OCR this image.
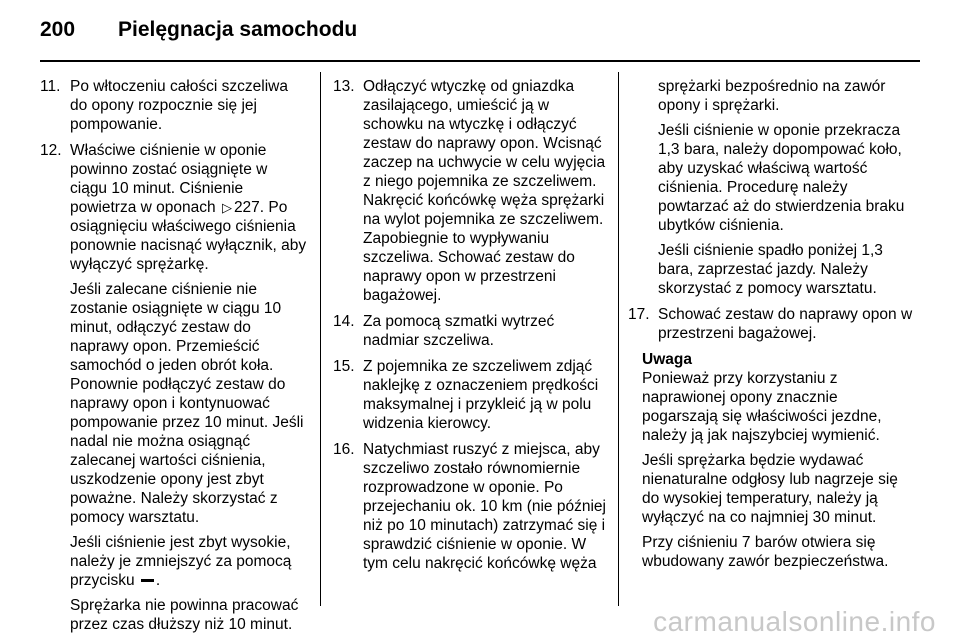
200	Pielęgnacja samochodu
11. Po włtoczeniu całości szczeliwa do opony rozpocznie się jej pompowanie.
12. Właściwe ciśnienie w oponie powinno zostać osiągnięte w ciągu 10 minut. Ciśnienie powietrza w oponach ▷ 227. Po osiągnięciu właściwego ciśnienia ponownie nacisnąć wyłącznik, aby wyłączyć sprężarkę.
Jeśli zalecane ciśnienie nie zostanie osiągnięte w ciągu 10 minut, odłączyć zestaw do naprawy opon. Przemieścić samochód o jeden obrót koła. Ponownie podłączyć zestaw do naprawy opon i kontynuować pompowanie przez 10 minut. Jeśli nadal nie można osiągnąć zalecanej wartości ciśnienia, uszkodzenie opony jest zbyt poważne. Należy skorzystać z pomocy warsztatu.
Jeśli ciśnienie jest zbyt wysokie, należy je zmniejszyć za pomocą przycisku .
Sprężarka nie powinna pracować przez czas dłuższy niż 10 minut.
13. Odłączyć wtyczkę od gniazdka zasilającego, umieścić ją w schowku na wtyczkę i odłączyć zestaw do naprawy opon. Wcisnąć zaczep na uchwycie w celu wyjęcia z niego pojemnika ze szczeliwem. Nakręcić końcówkę węża sprężarki na wylot pojemnika ze szczeliwem. Zapobiegnie to wypływaniu szczeliwa. Schować zestaw do naprawy opon w przestrzeni bagażowej.
14. Za pomocą szmatki wytrzeć nadmiar szczeliwa.
15. Z pojemnika ze szczeliwem zdjąć naklejkę z oznaczeniem prędkości maksymalnej i przykleić ją w polu widzenia kierowcy.
16. Natychmiast ruszyć z miejsca, aby szczeliwo zostało równomiernie rozprowadzone w oponie. Po przejechaniu ok. 10 km (nie później niż po 10 minutach) zatrzymać się i sprawdzić ciśnienie w oponie. W tym celu nakręcić końcówkę węża
sprężarki bezpośrednio na zawór opony i sprężarki.
Jeśli ciśnienie w oponie przekracza 1,3 bara, należy dopompować koło, aby uzyskać właściwą wartość ciśnienia. Procedurę należy powtarzać aż do stwierdzenia braku ubytków ciśnienia.
Jeśli ciśnienie spadło poniżej 1,3 bara, zaprzestać jazdy. Należy skorzystać z pomocy warsztatu.
17. Schować zestaw do naprawy opon w przestrzeni bagażowej.
Uwaga
Ponieważ przy korzystaniu z naprawionej opony znacznie pogarszają się właściwości jezdne, należy ją jak najszybciej wymienić.
Jeśli sprężarka będzie wydawać nienaturalne odgłosy lub nagrzeje się do wysokiej temperatury, należy ją wyłączyć na co najmniej 30 minut.
Przy ciśnieniu 7 barów otwiera się wbudowany zawór bezpieczeństwa.
carmanualsonline.info
